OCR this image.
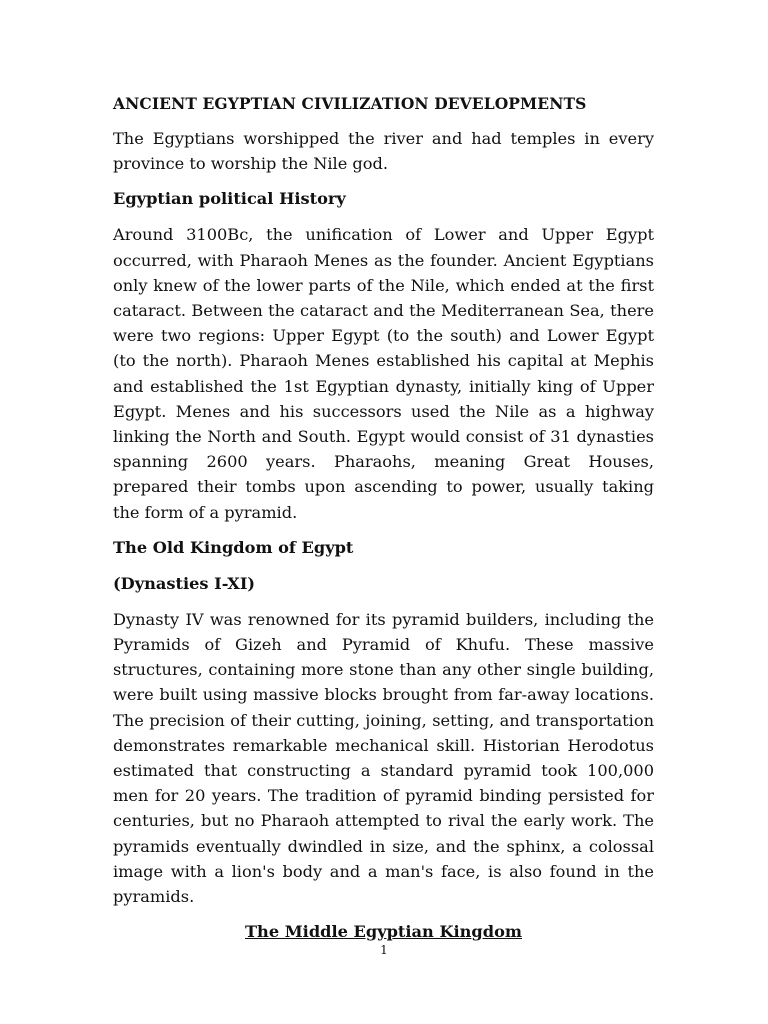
ANCIENT EGYPTIAN CIVILIZATION DEVELOPMENTS
The Egyptians worshipped the river and had temples in every province to worship the Nile god.
Egyptian political History
Around 3100Bc, the unification of Lower and Upper Egypt occurred, with Pharaoh Menes as the founder. Ancient Egyptians only knew of the lower parts of the Nile, which ended at the first cataract. Between the cataract and the Mediterranean Sea, there were two regions: Upper Egypt (to the south) and Lower Egypt (to the north). Pharaoh Menes established his capital at Mephis and established the 1st Egyptian dynasty, initially king of Upper Egypt. Menes and his successors used the Nile as a highway linking the North and South. Egypt would consist of 31 dynasties spanning 2600 years. Pharaohs, meaning Great Houses, prepared their tombs upon ascending to power, usually taking the form of a pyramid.
The Old Kingdom of Egypt
(Dynasties I-XI)
Dynasty IV was renowned for its pyramid builders, including the Pyramids of Gizeh and Pyramid of Khufu. These massive structures, containing more stone than any other single building, were built using massive blocks brought from far-away locations. The precision of their cutting, joining, setting, and transportation demonstrates remarkable mechanical skill. Historian Herodotus estimated that constructing a standard pyramid took 100,000 men for 20 years. The tradition of pyramid binding persisted for centuries, but no Pharaoh attempted to rival the early work. The pyramids eventually dwindled in size, and the sphinx, a colossal image with a lion's body and a man's face, is also found in the pyramids.
The Middle Egyptian Kingdom
1
